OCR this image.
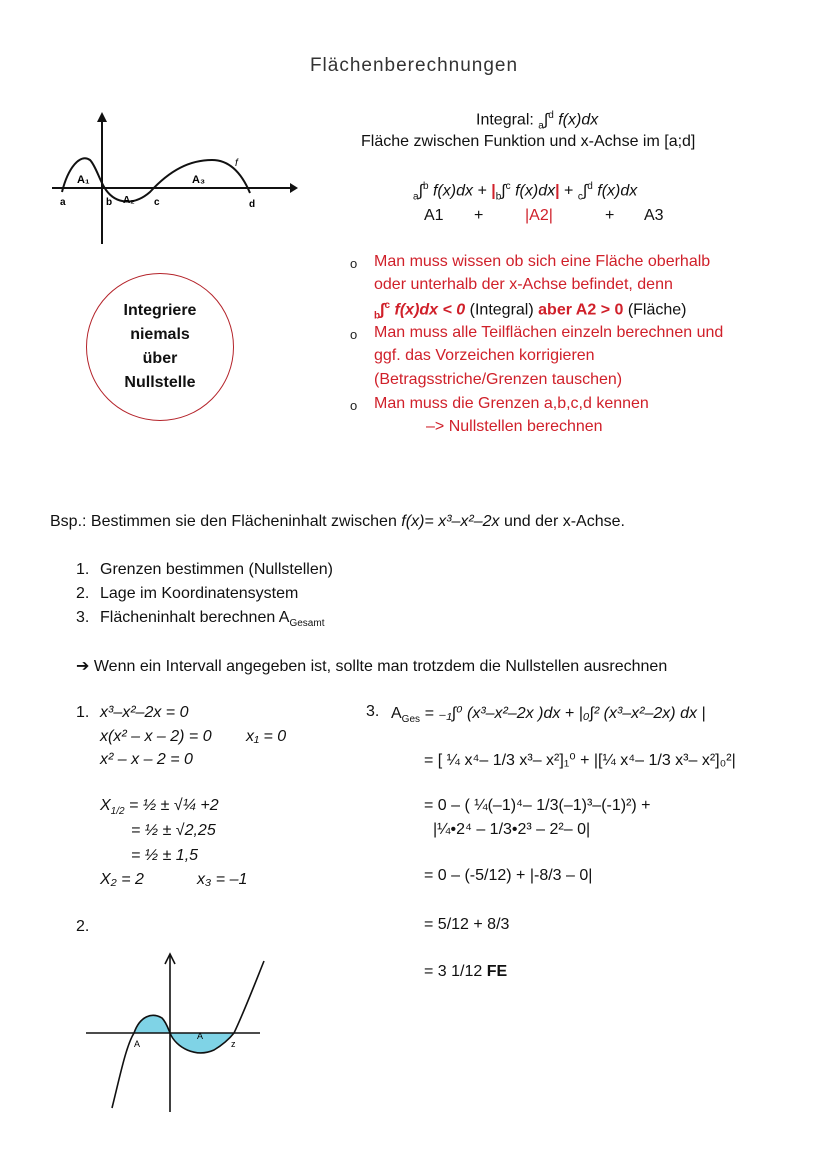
Flächenberechnungen
A₁
A₂
A₃
a	b	c	d
f
Integral: $_a$∫$^d$ f(x)dx
Fläche zwischen Funktion und x-Achse im [a;d]
$_a$∫$^b$ $f(x)dx + |_b\int^c$ f(x)dx| + $_c$∫$^d$ f(x)dx
A1 +	|A2|	+ A3
o Man muss wissen ob sich eine Fläche oberhalb
oder unterhalb der x-Achse befindet, denn
$_b$∫$^c$ f(x)dx < 0 (Integral) aber A2 > 0 (Fläche)
o Man muss alle Teilflächen einzeln berechnen und
ggf. das Vorzeichen korrigieren
(Betragsstriche/Grenzen tauschen)
o Man muss die Grenzen a,b,c,d kennen
–> Nullstellen berechnen
Integriere
niemals
über
Nullstelle
Bsp.: Bestimmen sie den Flächeninhalt zwischen f(x)= x³–x²–2x und der x-Achse.
1. Grenzen bestimmen (Nullstellen)
2. Lage im Koordinatensystem
3. Flächeninhalt berechnen $A_{Gesamt}$
➔ Wenn ein Intervall angegeben ist, sollte man trotzdem die Nullstellen ausrechnen
1. x³–x²–2x = 0
x(x² – x – 2) = 0 x₁ = 0
x² – x – 2 = 0
$X_{1/2}$ = ½ ± √¼ +2
= ½ ± √2,25
= ½ ± 1,5
X₂ = 2	x₃ = –1
2.
A
A
z
3. $A_{Ges} = _{-1}\int^0$ (x³–x²–2x )dx + |₀∫² (x³–x²–2x) dx |
= [ ¼ x⁴– 1/3 x³– x²]₁⁰ + |[¼ x⁴– 1/3 x³– x²]₀²|
= 0 – ( ¼(–1)⁴– 1/3(–1)³–(-1)²) +
|¼•2⁴ – 1/3•2³ – 2²– 0|
= 0 – (-5/12) + |-8/3 – 0|
= 5/12 + 8/3
= 3 1/12 FE
